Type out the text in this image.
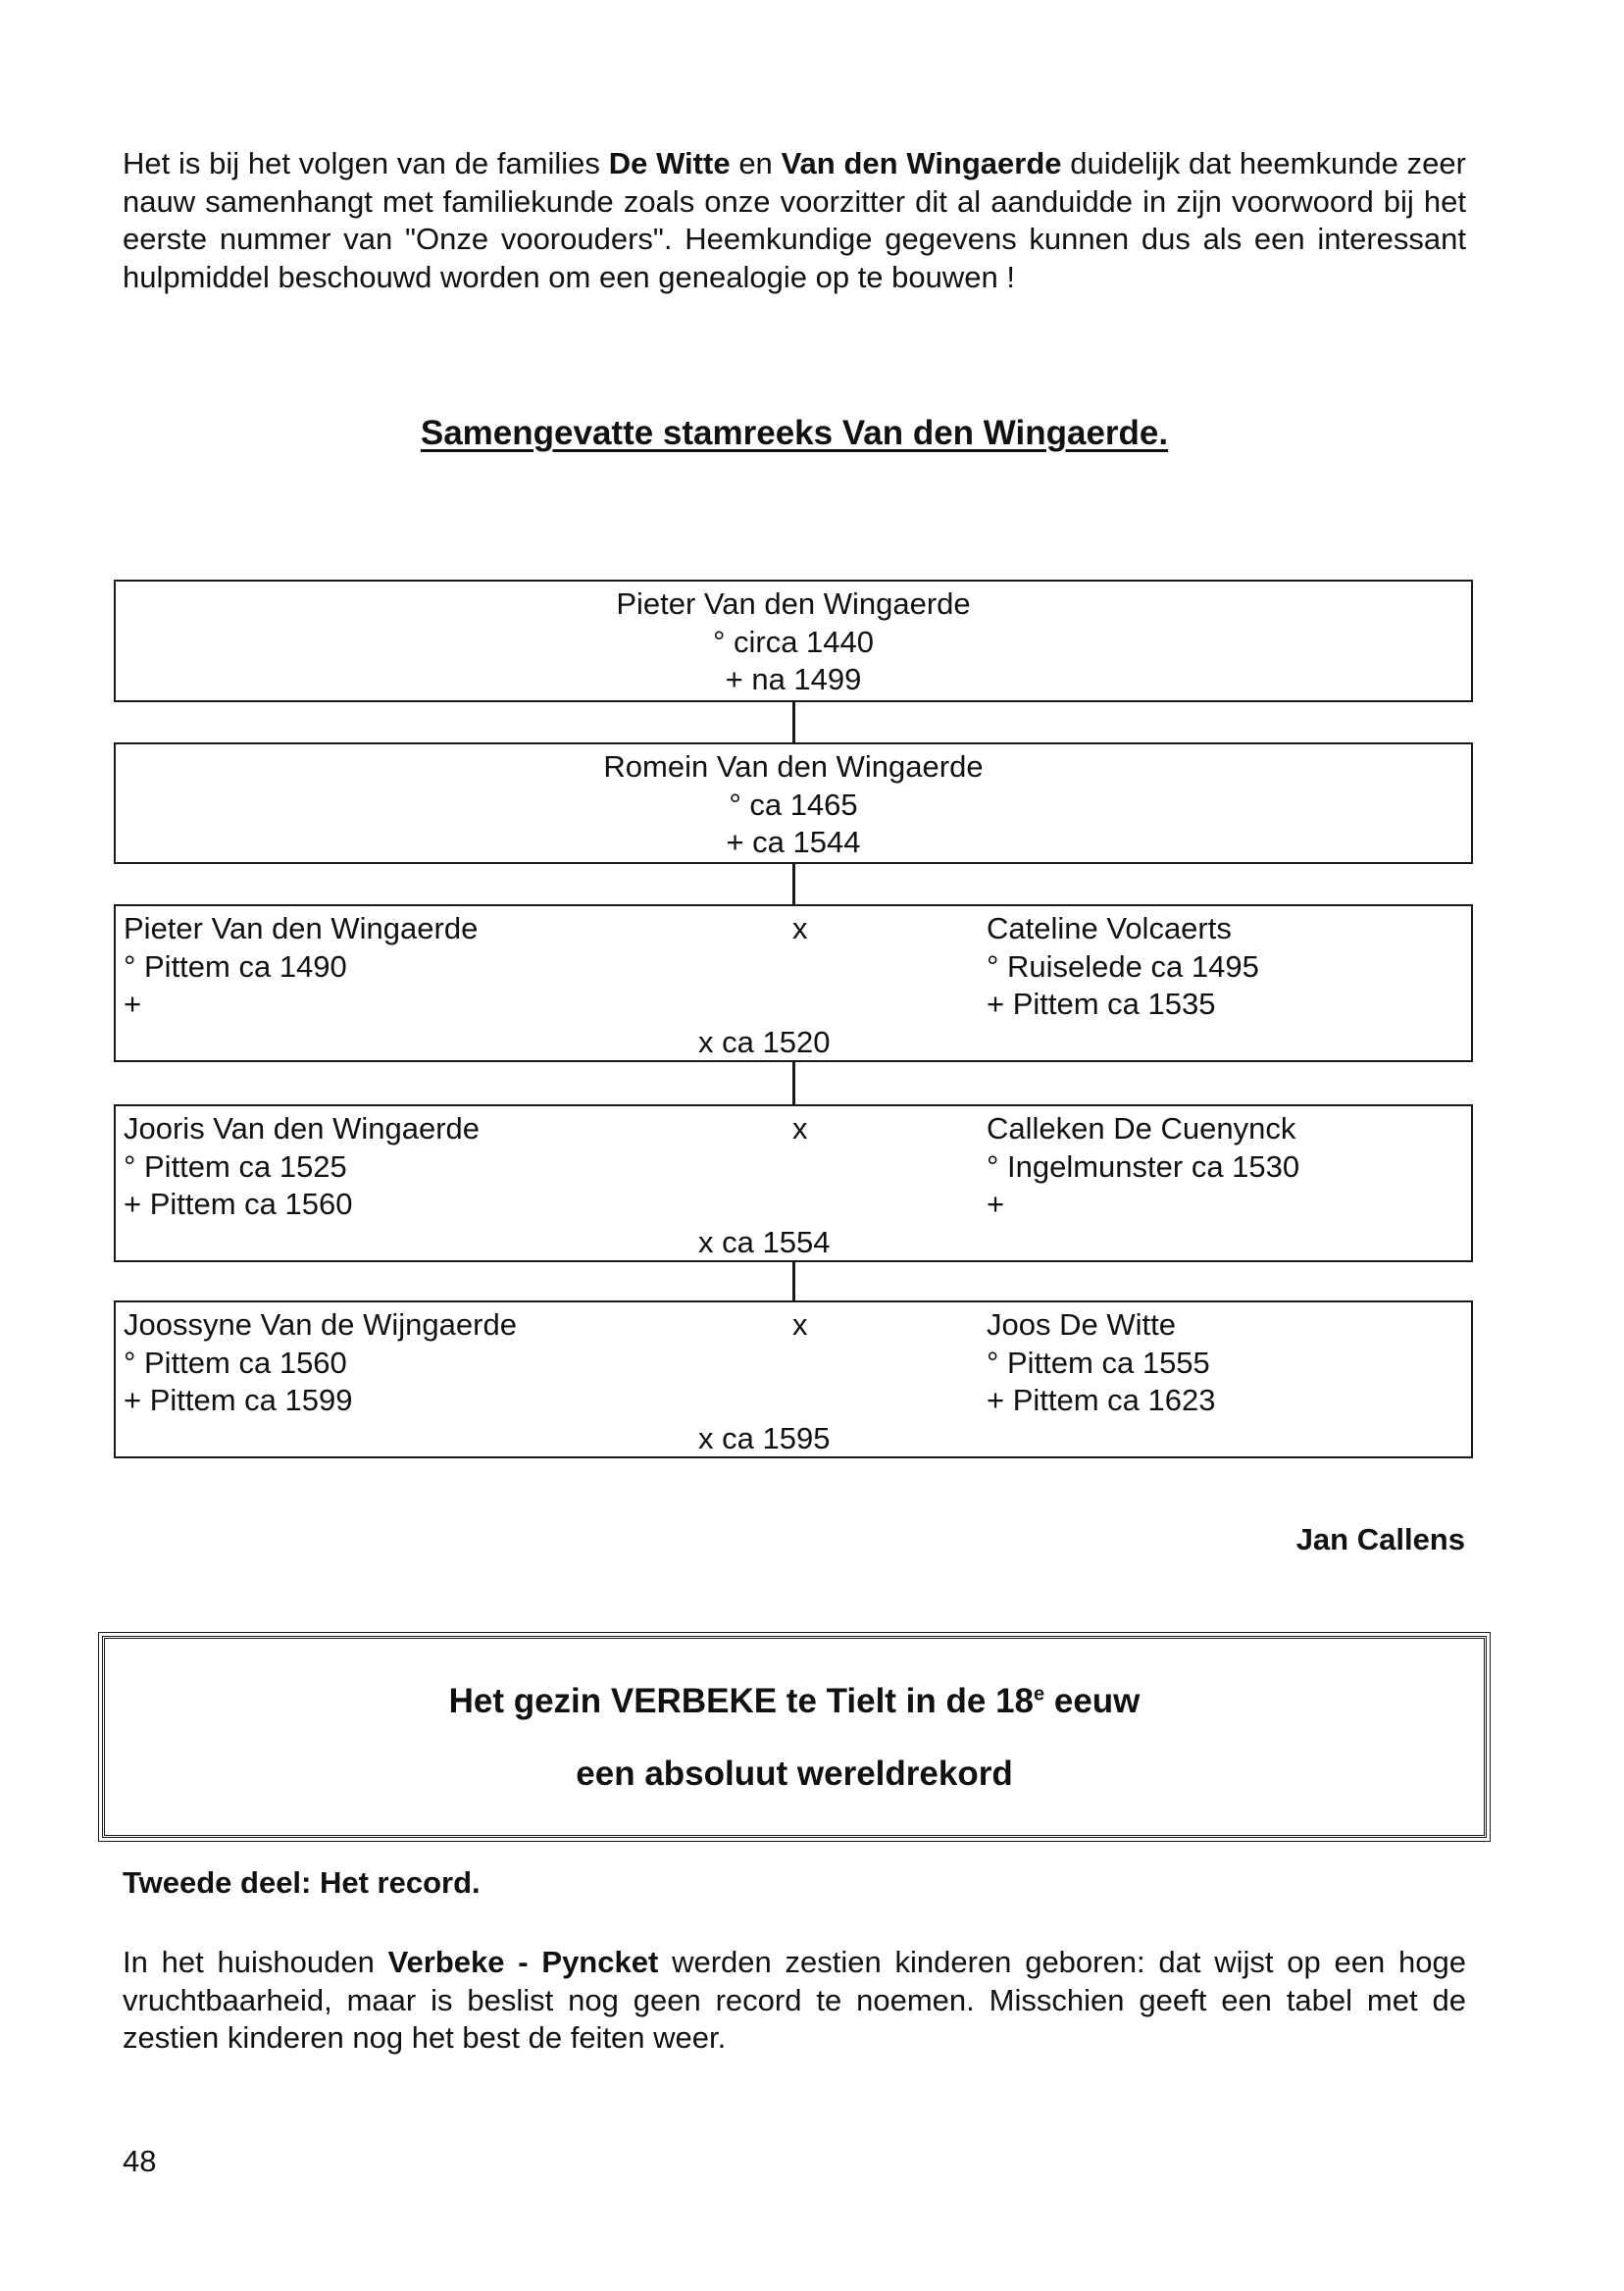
Het is bij het volgen van de families De Witte en Van den Wingaerde duidelijk dat heemkunde zeer nauw samenhangt met familiekunde zoals onze voorzitter dit al aanduidde in zijn voorwoord bij het eerste nummer van "Onze voorouders". Heemkundige gegevens kunnen dus als een interessant hulpmiddel beschouwd worden om een genealogie op te bouwen !

Samengevatte stamreeks Van den Wingaerde.
Pieter Van den Wingaerde
° circa 1440
+ na 1499
Romein Van den Wingaerde
° ca 1465
+ ca 1544
Pieter Van den Wingaerde
° Pittem ca 1490
+
x	Cateline Volcaerts
° Ruiselede ca 1495
+ Pittem ca 1535
x ca 1520
Jooris Van den Wingaerde
° Pittem ca 1525
+ Pittem ca 1560
x	Calleken De Cuenynck
° Ingelmunster ca 1530
+
x ca 1554
Joossyne Van de Wijngaerde
° Pittem ca 1560
+ Pittem ca 1599
x	Joos De Witte
° Pittem ca 1555
+ Pittem ca 1623
x ca 1595
Jan Callens
Het gezin VERBEKE te Tielt in de 18e eeuw
een absoluut wereldrekord
Tweede deel: Het record.

In het huishouden Verbeke - Pyncket werden zestien kinderen geboren: dat wijst op een hoge vruchtbaarheid, maar is beslist nog geen record te noemen. Misschien geeft een tabel met de zestien kinderen nog het best de feiten weer.

48
